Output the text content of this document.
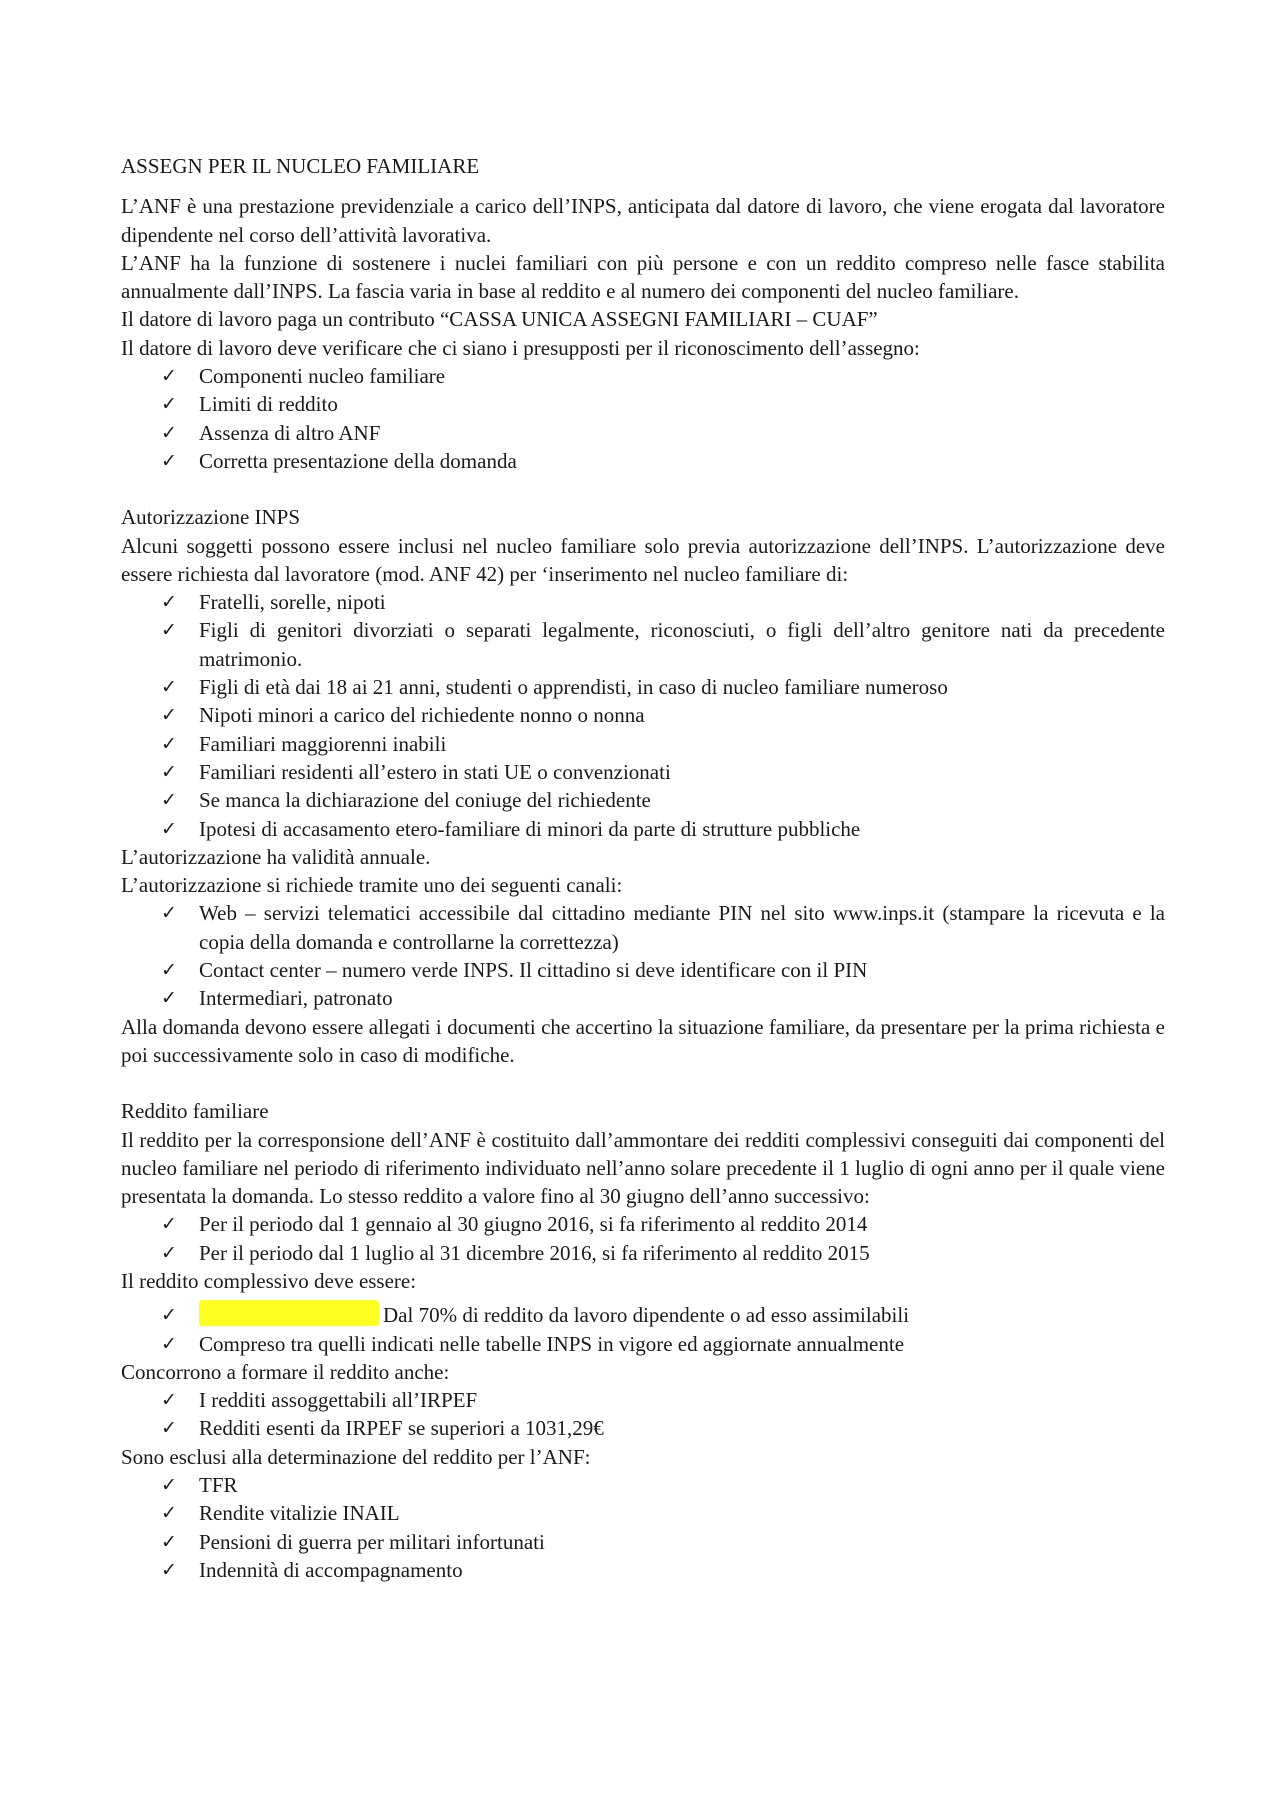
ASSEGN PER IL NUCLEO FAMILIARE

L’ANF è una prestazione previdenziale a carico dell’INPS, anticipata dal datore di lavoro, che viene erogata dal lavoratore dipendente nel corso dell’attività lavorativa.

L’ANF ha la funzione di sostenere i nuclei familiari con più persone e con un reddito compreso nelle fasce stabilita annualmente dall’INPS. La fascia varia in base al reddito e al numero dei componenti del nucleo familiare.

Il datore di lavoro paga un contributo “CASSA UNICA ASSEGNI FAMILIARI – CUAF”

Il datore di lavoro deve verificare che ci siano i presupposti per il riconoscimento dell’assegno:

✓ Componenti nucleo familiare
✓ Limiti di reddito
✓ Assenza di altro ANF
✓ Corretta presentazione della domanda

Autorizzazione INPS

Alcuni soggetti possono essere inclusi nel nucleo familiare solo previa autorizzazione dell’INPS. L’autorizzazione deve essere richiesta dal lavoratore (mod. ANF 42) per ‘inserimento nel nucleo familiare di:

✓ Fratelli, sorelle, nipoti
✓ Figli di genitori divorziati o separati legalmente, riconosciuti, o figli dell’altro genitore nati da precedente matrimonio.
✓ Figli di età dai 18 ai 21 anni, studenti o apprendisti, in caso di nucleo familiare numeroso
✓ Nipoti minori a carico del richiedente nonno o nonna
✓ Familiari maggiorenni inabili
✓ Familiari residenti all’estero in stati UE o convenzionati
✓ Se manca la dichiarazione del coniuge del richiedente
✓ Ipotesi di accasamento etero-familiare di minori da parte di strutture pubbliche

L’autorizzazione ha validità annuale.

L’autorizzazione si richiede tramite uno dei seguenti canali:

✓ Web – servizi telematici accessibile dal cittadino mediante PIN nel sito www.inps.it (stampare la ricevuta e la copia della domanda e controllarne la correttezza)
✓ Contact center – numero verde INPS. Il cittadino si deve identificare con il PIN
✓ Intermediari, patronato

Alla domanda devono essere allegati i documenti che accertino la situazione familiare, da presentare per la prima richiesta e poi successivamente solo in caso di modifiche.

Reddito familiare

Il reddito per la corresponsione dell’ANF è costituito dall’ammontare dei redditi complessivi conseguiti dai componenti del nucleo familiare nel periodo di riferimento individuato nell’anno solare precedente il 1 luglio di ogni anno per il quale viene presentata la domanda. Lo stesso reddito a valore fino al 30 giugno dell’anno successivo:

✓ Per il periodo dal 1 gennaio al 30 giugno 2016, si fa riferimento al reddito 2014
✓ Per il periodo dal 1 luglio al 31 dicembre 2016, si fa riferimento al reddito 2015

Il reddito complessivo deve essere:

✓	Dal 70% di reddito da lavoro dipendente o ad esso assimilabili
✓ Compreso tra quelli indicati nelle tabelle INPS in vigore ed aggiornate annualmente

Concorrono a formare il reddito anche:

✓ I redditi assoggettabili all’IRPEF
✓ Redditi esenti da IRPEF se superiori a 1031,29€

Sono esclusi alla determinazione del reddito per l’ANF:

✓ TFR
✓ Rendite vitalizie INAIL
✓ Pensioni di guerra per militari infortunati
✓ Indennità di accompagnamento
